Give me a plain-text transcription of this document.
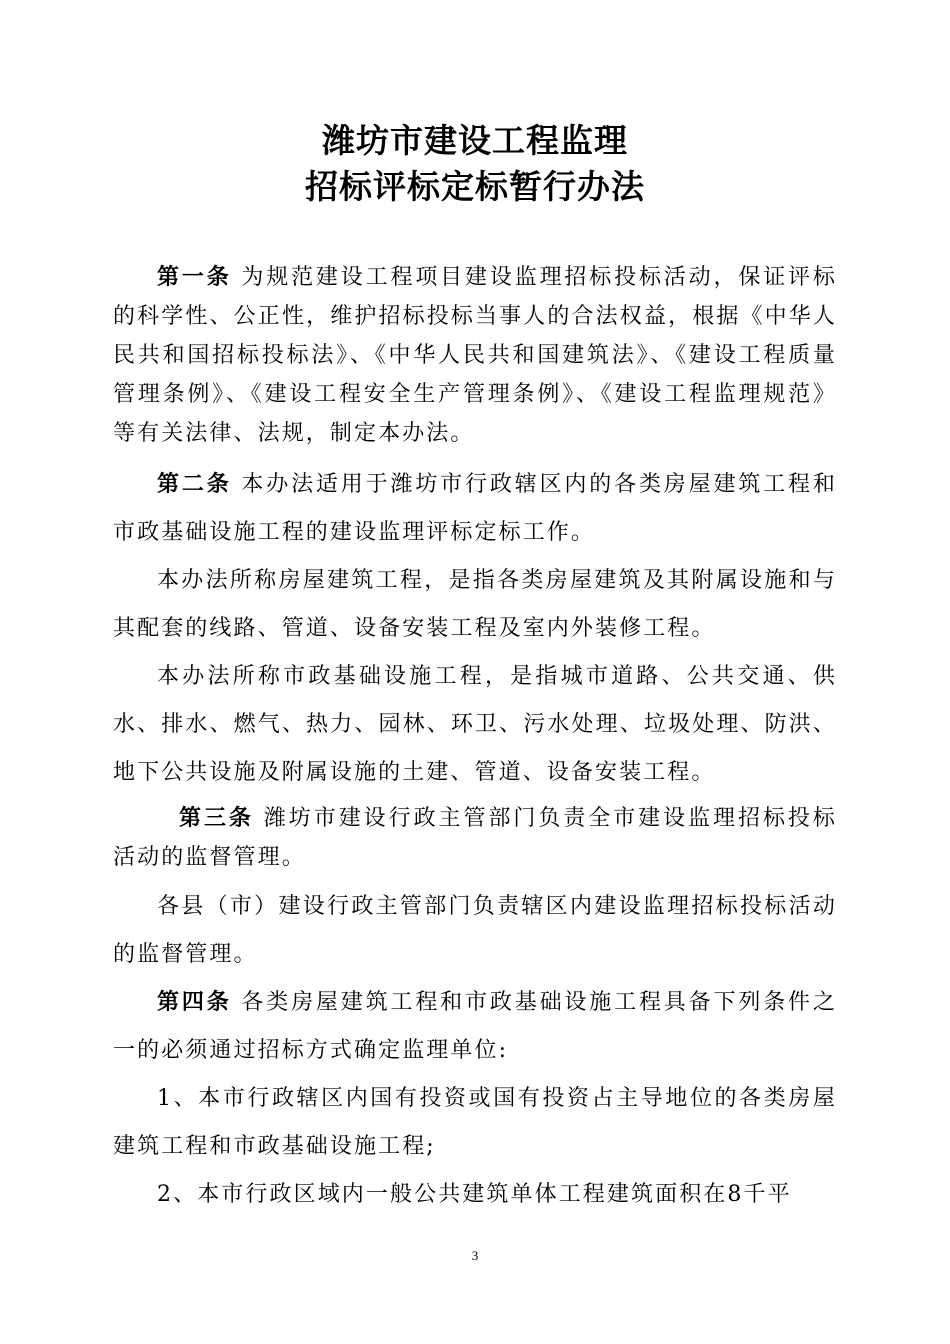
潍坊市建设工程监理
招标评标定标暂行办法

第一条 为规范建设工程项目建设监理招标投标活动，保证评标的科学性、公正性，维护招标投标当事人的合法权益，根据《中华人民共和国招标投标法》、《中华人民共和国建筑法》、《建设工程质量管理条例》、《建设工程安全生产管理条例》、《建设工程监理规范》等有关法律、法规，制定本办法。

第二条 本办法适用于潍坊市行政辖区内的各类房屋建筑工程和市政基础设施工程的建设监理评标定标工作。

本办法所称房屋建筑工程，是指各类房屋建筑及其附属设施和与其配套的线路、管道、设备安装工程及室内外装修工程。

本办法所称市政基础设施工程，是指城市道路、公共交通、供水、排水、燃气、热力、园林、环卫、污水处理、垃圾处理、防洪、地下公共设施及附属设施的土建、管道、设备安装工程。

第三条 潍坊市建设行政主管部门负责全市建设监理招标投标活动的监督管理。

各县（市）建设行政主管部门负责辖区内建设监理招标投标活动的监督管理。

第四条 各类房屋建筑工程和市政基础设施工程具备下列条件之一的必须通过招标方式确定监理单位:

1、本市行政辖区内国有投资或国有投资占主导地位的各类房屋建筑工程和市政基础设施工程;

2、本市行政区域内一般公共建筑单体工程建筑面积在8千平

3
